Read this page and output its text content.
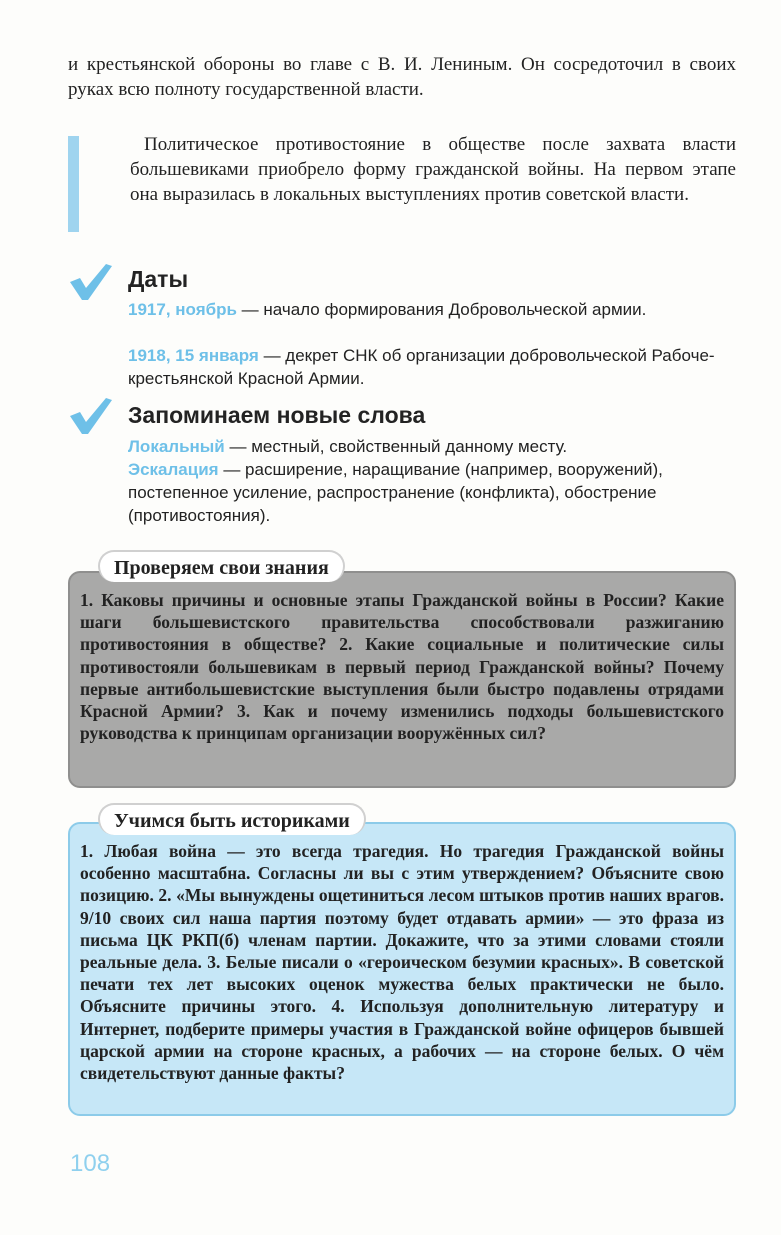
и крестьянской обороны во главе с В. И. Лениным. Он сосредоточил в своих руках всю полноту государственной власти.

Политическое противостояние в обществе после захвата власти большевиками приобрело форму гражданской войны. На первом этапе она выразилась в локальных выступлениях против советской власти.

Даты

1917, ноябрь — начало формирования Добровольческой армии.

1918, 15 января — декрет СНК об организации добровольческой Рабоче-крестьянской Красной Армии.

Запоминаем новые слова

Локальный — местный, свойственный данному месту.

Эскалация — расширение, наращивание (например, вооружений), постепенное усиление, распространение (конфликта), обострение (противостояния).

1. Каковы причины и основные этапы Гражданской войны в России? Какие шаги большевистского правительства способствовали разжиганию противостояния в обществе? 2. Какие социальные и политические силы противостояли большевикам в первый период Гражданской войны? Почему первые антибольшевистские выступления были быстро подавлены отрядами Красной Армии? 3. Как и почему изменились подходы большевистского руководства к принципам организации вооружённых сил?

Проверяем свои знания

1. Любая война — это всегда трагедия. Но трагедия Гражданской войны особенно масштабна. Согласны ли вы с этим утверждением? Объясните свою позицию. 2. «Мы вынуждены ощетиниться лесом штыков против наших врагов. 9/10 своих сил наша партия поэтому будет отдавать армии» — это фраза из письма ЦК РКП(б) членам партии. Докажите, что за этими словами стояли реальные дела. 3. Белые писали о «героическом безумии красных». В советской печати тех лет высоких оценок мужества белых практически не было. Объясните причины этого. 4. Используя дополнительную литературу и Интернет, подберите примеры участия в Гражданской войне офицеров бывшей царской армии на стороне красных, а рабочих — на стороне белых. О чём свидетельствуют данные факты?

Учимся быть историками
108
